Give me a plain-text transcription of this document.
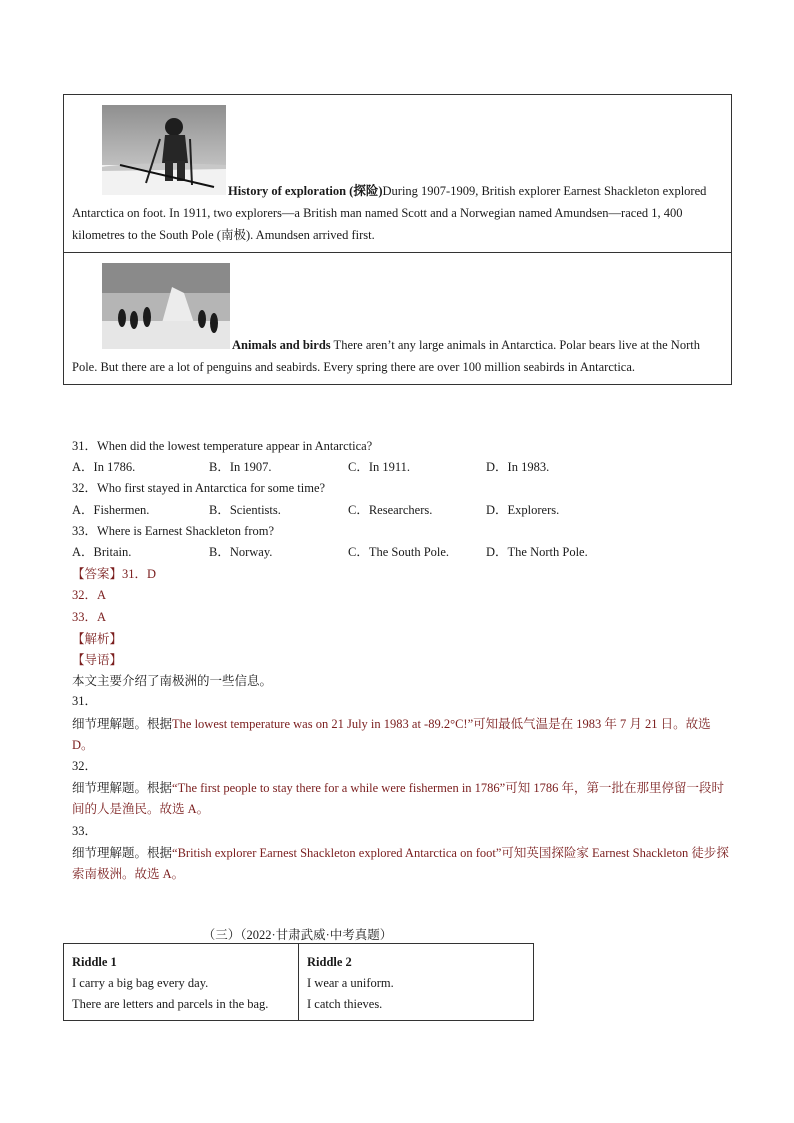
History of exploration (探险)During 1907-1909, British explorer Earnest Shackleton explored Antarctica on foot. In 1911, two explorers—a British man named Scott and a Norwegian named Amundsen—raced 1, 400 kilometres to the South Pole (南极). Amundsen arrived first.
Animals and birds There aren’t any large animals in Antarctica. Polar bears live at the North Pole. But there are a lot of penguins and seabirds. Every spring there are over 100 million seabirds in Antarctica.
31．When did the lowest temperature appear in Antarctica?
A．In 1786.	B．In 1907.	C．In 1911.	D．In 1983.
32．Who first stayed in Antarctica for some time?
A．Fishermen.	B．Scientists.	C．Researchers.	D．Explorers.
33．Where is Earnest Shackleton from?
A．Britain.	B．Norway.	C．The South Pole.	D．The North Pole.
【答案】31．D
32．A
33．A
【解析】
【导语】
本文主要介绍了南极洲的一些信息。
31．
细节理解题。根据The lowest temperature was on 21 July in 1983 at -89.2°C!”可知最低气温是在 1983 年 7 月 21 日。故选 D。
32．
细节理解题。根据“The first people to stay there for a while were fishermen in 1786”可知 1786 年，第一批在那里停留一段时间的人是渔民。故选 A。
33．
细节理解题。根据“British explorer Earnest Shackleton explored Antarctica on foot”可知英国探险家 Earnest Shackleton 徒步探索南极洲。故选 A。
（三）（2022·甘肃武威·中考真题）
Riddle 1
I carry a big bag every day.
There are letters and parcels in the bag.
Riddle 2
I wear a uniform.
I catch thieves.
